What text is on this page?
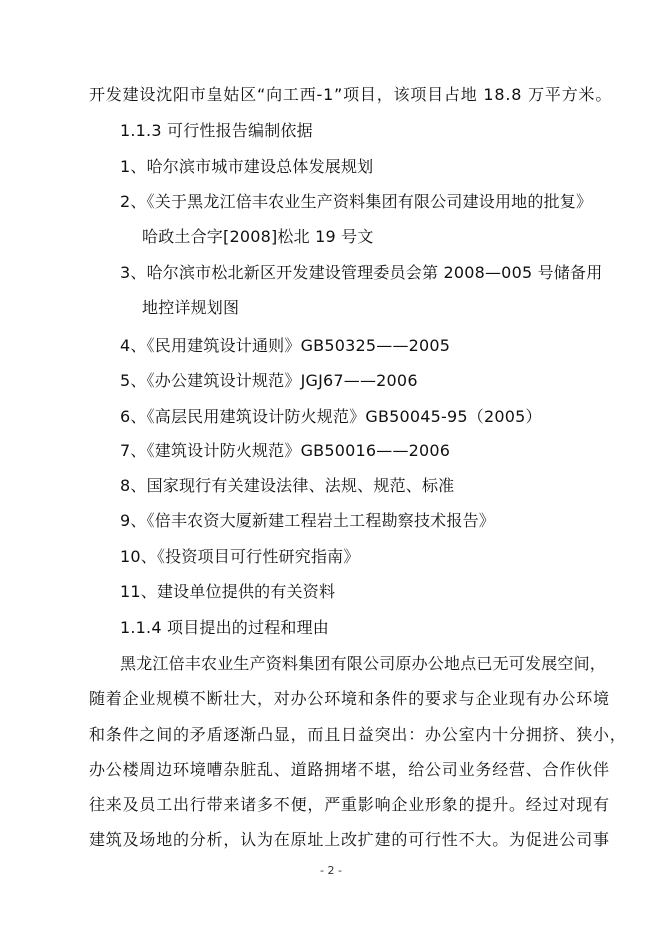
开发建设沈阳市皇姑区“向工西-1”项目，该项目占地 18.8 万平方米。
1.1.3 可行性报告编制依据
1、哈尔滨市城市建设总体发展规划
2、《关于黑龙江倍丰农业生产资料集团有限公司建设用地的批复》
哈政土合字[2008]松北 19 号文
3、哈尔滨市松北新区开发建设管理委员会第 2008—005 号储备用
地控详规划图
4、《民用建筑设计通则》GB50325——2005
5、《办公建筑设计规范》JGJ67——2006
6、《高层民用建筑设计防火规范》GB50045-95（2005）
7、《建筑设计防火规范》GB50016——2006
8、国家现行有关建设法律、法规、规范、标准
9、《倍丰农资大厦新建工程岩土工程勘察技术报告》
10、《投资项目可行性研究指南》
11、建设单位提供的有关资料
1.1.4 项目提出的过程和理由
黑龙江倍丰农业生产资料集团有限公司原办公地点已无可发展空间，
随着企业规模不断壮大，对办公环境和条件的要求与企业现有办公环境
和条件之间的矛盾逐渐凸显，而且日益突出：办公室内十分拥挤、狭小，
办公楼周边环境嘈杂脏乱、道路拥堵不堪，给公司业务经营、合作伙伴
往来及员工出行带来诸多不便，严重影响企业形象的提升。经过对现有
建筑及场地的分析，认为在原址上改扩建的可行性不大。为促进公司事
- 2 -
